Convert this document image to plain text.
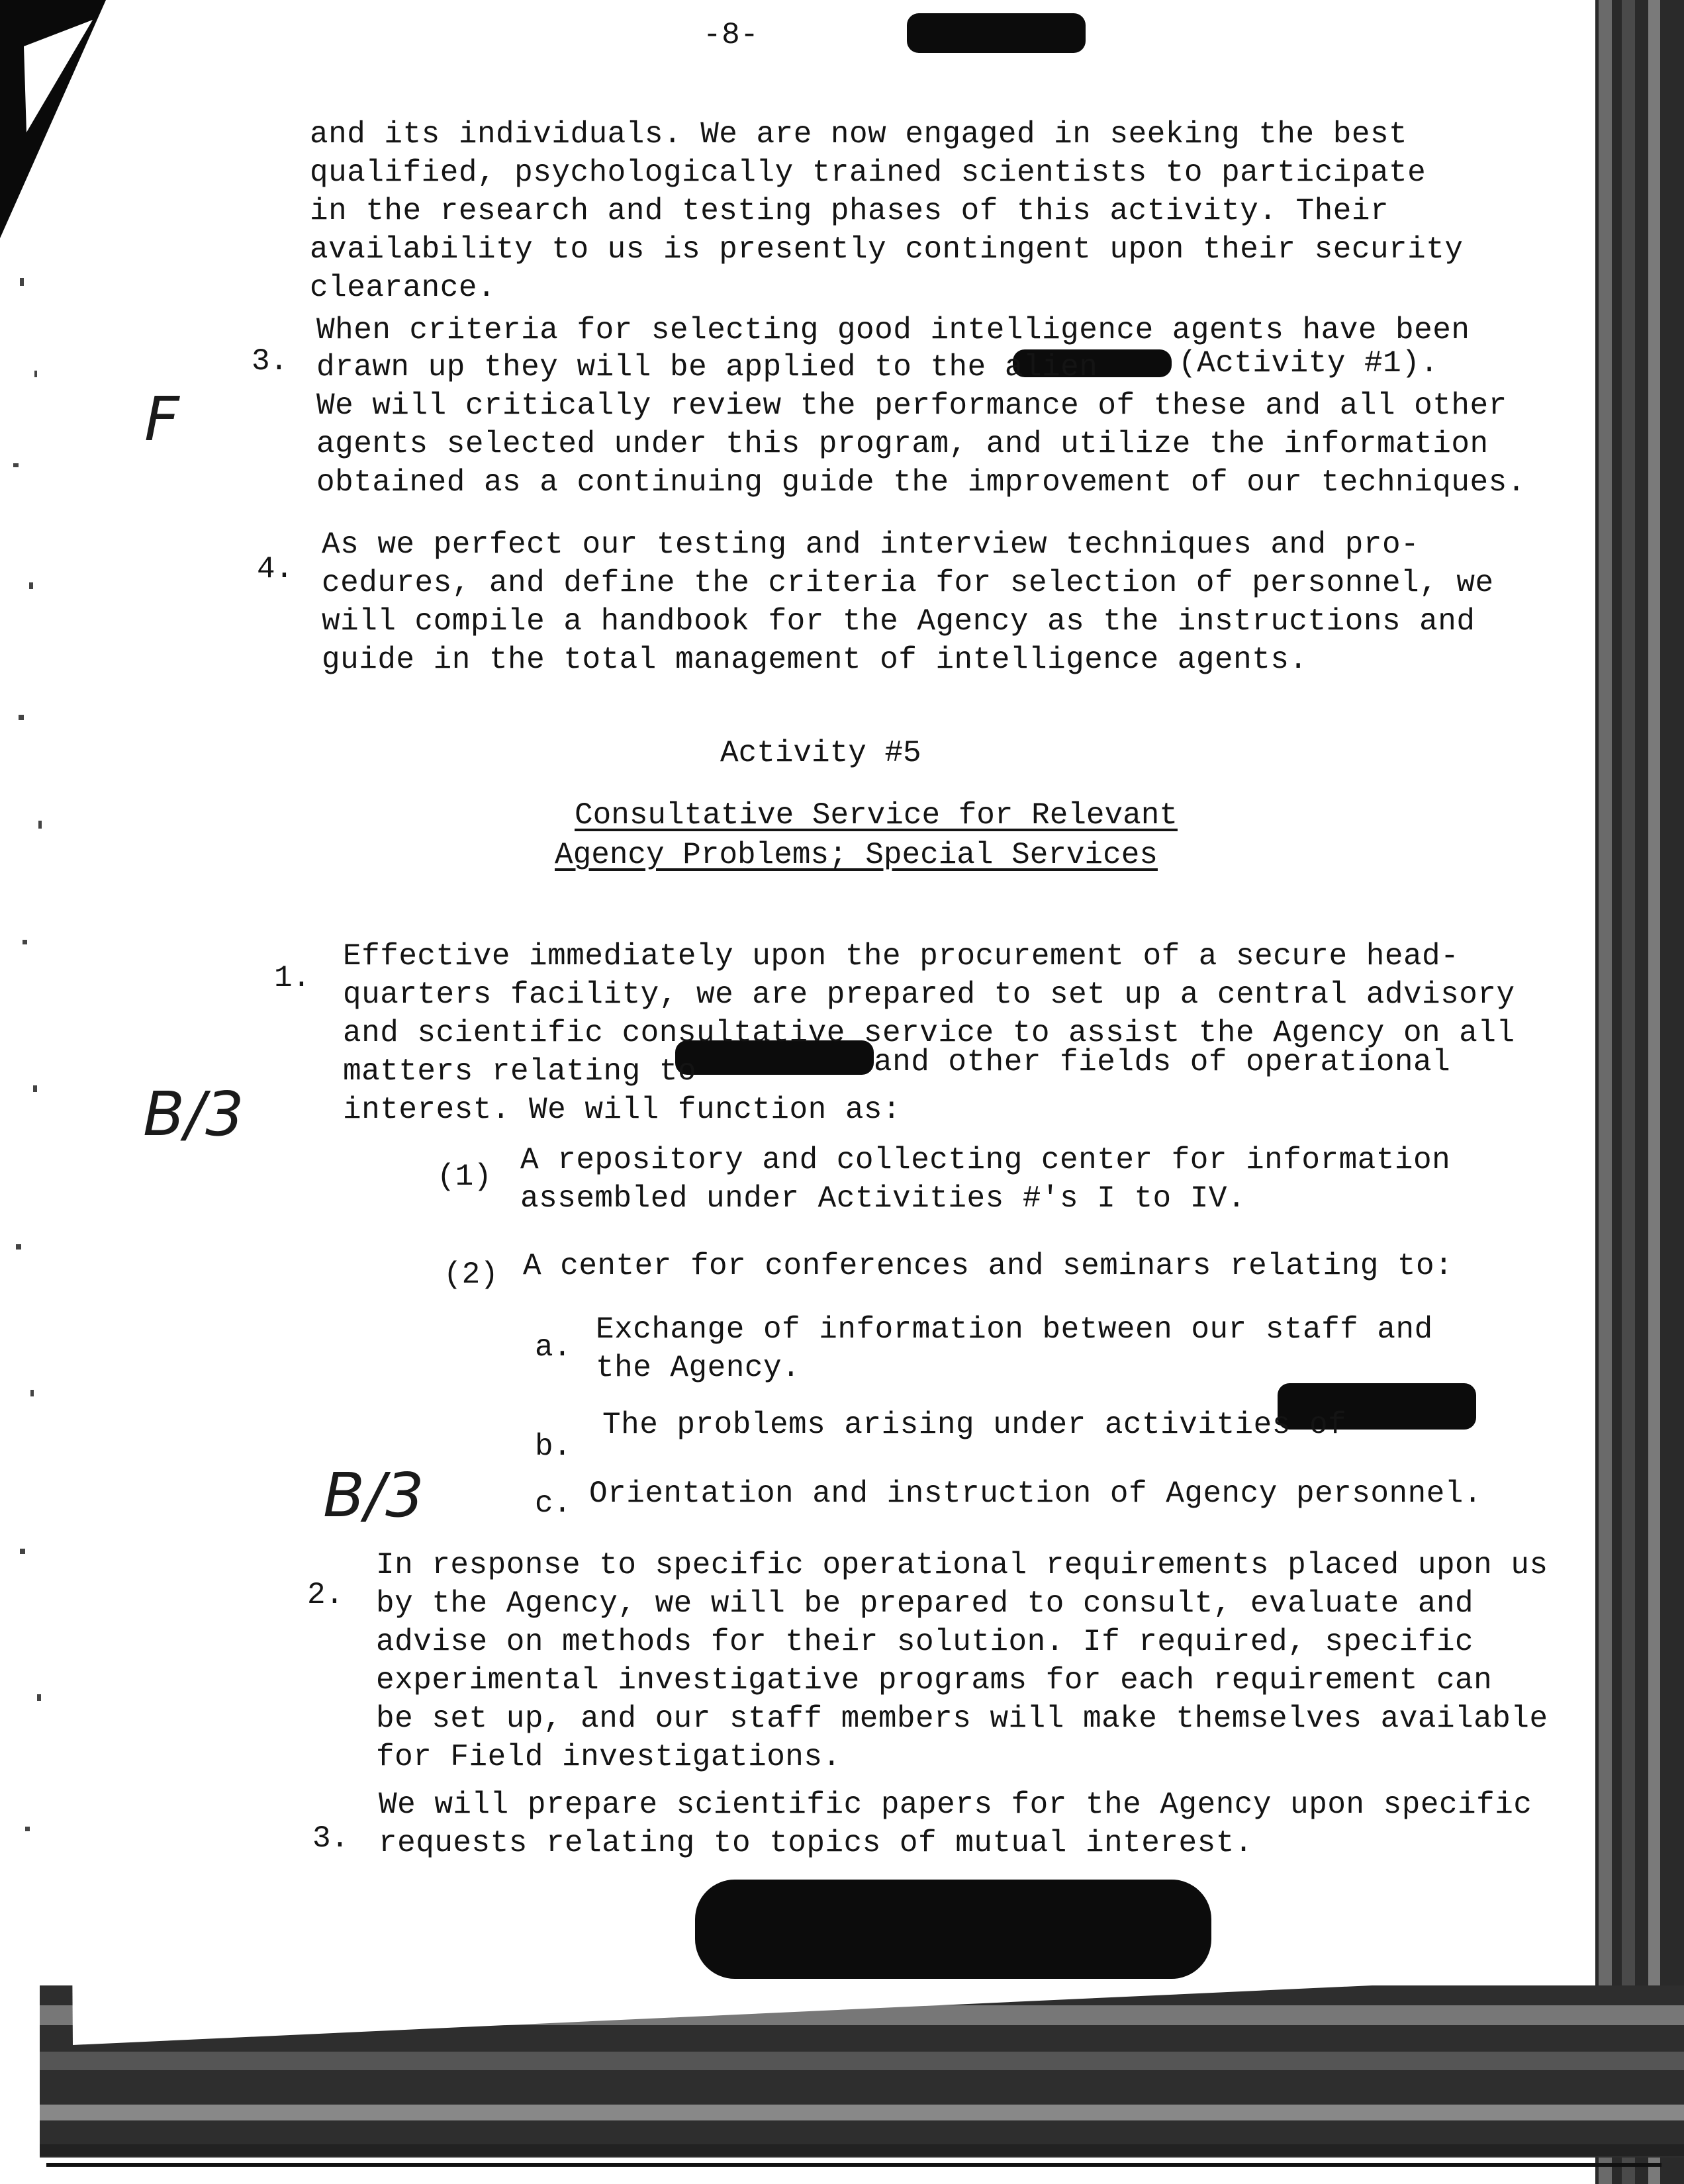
-8-
and its individuals. We are now engaged in seeking the best
qualified, psychologically trained scientists to participate
in the research and testing phases of this activity. Their
availability to us is presently contingent upon their security
clearance.
3.
When criteria for selecting good intelligence agents have been
drawn up they will be applied to the alien	(Activity #1).
We will critically review the performance of these and all other
agents selected under this program, and utilize the information
obtained as a continuing guide the improvement of our techniques.
F
4.
As we perfect our testing and interview techniques and pro-
cedures, and define the criteria for selection of personnel, we
will compile a handbook for the Agency as the instructions and
guide in the total management of intelligence agents.
Activity #5
Consultative Service for Relevant
Agency Problems; Special Services
1.
Effective immediately upon the procurement of a secure head-
quarters facility, we are prepared to set up a central advisory
and scientific consultative service to assist the Agency on all
matters relating to	and other fields of operational
interest. We will function as:
B/3
(1) A repository and collecting center for information
assembled under Activities #'s I to IV.
(2) A center for conferences and seminars relating to:
a.
Exchange of information between our staff and
the Agency.
b.
The problems arising under activities of
c. Orientation and instruction of Agency personnel.
B/3
2.
In response to specific operational requirements placed upon us
by the Agency, we will be prepared to consult, evaluate and
advise on methods for their solution. If required, specific
experimental investigative programs for each requirement can
be set up, and our staff members will make themselves available
for Field investigations.
3.
We will prepare scientific papers for the Agency upon specific
requests relating to topics of mutual interest.
